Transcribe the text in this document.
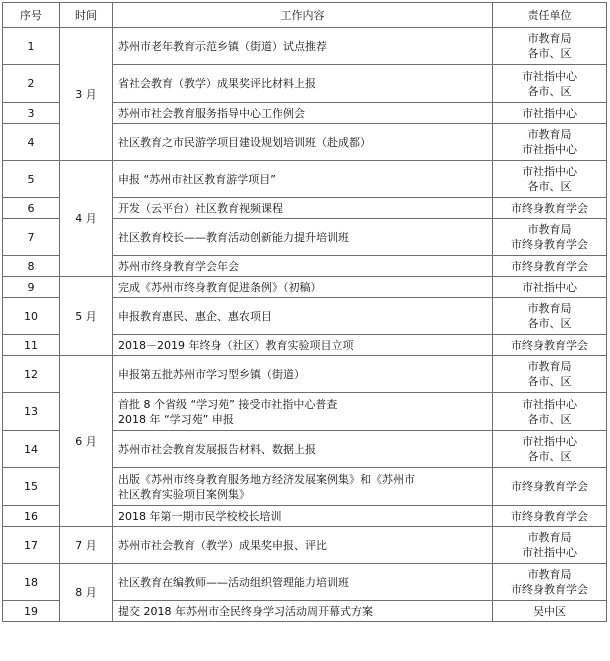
序号	时间	工作内容	责任单位
1	3 月	苏州市老年教育示范乡镇（街道）试点推荐	市教育局
各市、区

2		省社会教育（教学）成果奖评比材料上报	市社指中心
各市、区

3		苏州市社会教育服务指导中心工作例会	市社指中心

4		社区教育之市民游学项目建设规划培训班（赴成都）	市教育局
市社指中心

5	4 月	申报 “苏州市社区教育游学项目”	市社指中心
各市、区

6		开发（云平台）社区教育视频课程	市终身教育学会

7		社区教育校长——教育活动创新能力提升培训班	市教育局
市终身教育学会

8		苏州市终身教育学会年会	市终身教育学会

9	5 月	完成《苏州市终身教育促进条例》（初稿）	市社指中心

10		申报教育惠民、惠企、惠农项目	市教育局
各市、区

11		2018－2019 年终身（社区）教育实验项目立项	市终身教育学会

12	6 月	申报第五批苏州市学习型乡镇（街道）	市教育局
各市、区

13		首批 8 个省级 “学习苑” 接受市社指中心普查
2018 年 “学习苑” 申报	市社指中心
各市、区

14		苏州市社会教育发展报告材料、数据上报	市社指中心
各市、区

15		出版《苏州市终身教育服务地方经济发展案例集》和《苏州市
社区教育实验项目案例集》	市终身教育学会

16		2018 年第一期市民学校校长培训	市终身教育学会

17	7 月	苏州市社会教育（教学）成果奖申报、评比	市教育局
市社指中心

18	8 月	社区教育在编教师——活动组织管理能力培训班	市教育局
市终身教育学会

19		提交 2018 年苏州市全民终身学习活动周开幕式方案	吴中区
